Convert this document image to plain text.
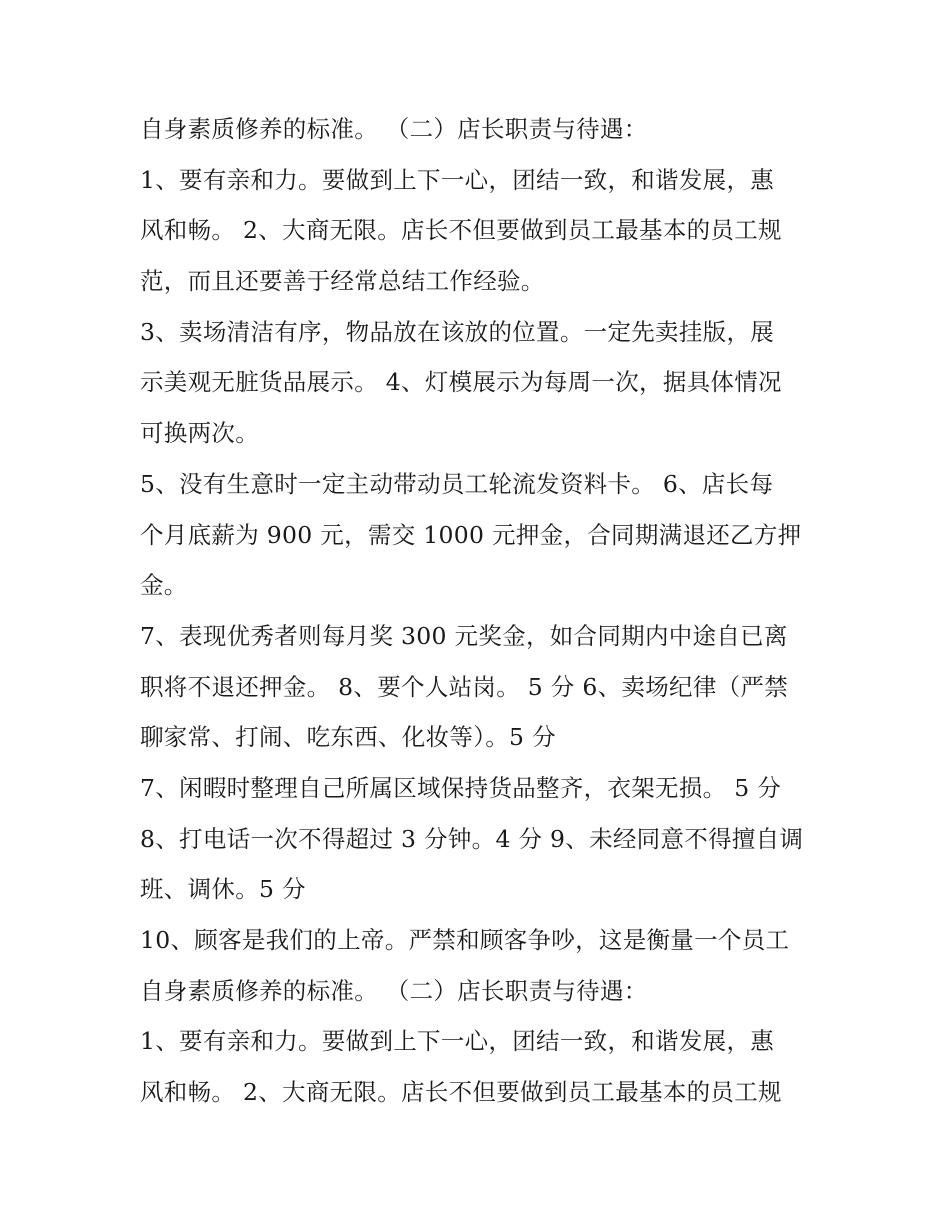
自身素质修养的标准。 （二）店长职责与待遇：
1、要有亲和力。要做到上下一心，团结一致，和谐发展，惠
风和畅。 2、大商无限。店长不但要做到员工最基本的员工规
范，而且还要善于经常总结工作经验。
3、卖场清洁有序，物品放在该放的位置。一定先卖挂版，展
示美观无脏货品展示。 4、灯模展示为每周一次，据具体情况
可换两次。
5、没有生意时一定主动带动员工轮流发资料卡。 6、店长每
个月底薪为 900 元，需交 1000 元押金，合同期满退还乙方押
金。
7、表现优秀者则每月奖 300 元奖金，如合同期内中途自已离
职将不退还押金。 8、要个人站岗。 5 分 6、卖场纪律（严禁
聊家常、打闹、吃东西、化妆等）。5 分
7、闲暇时整理自己所属区域保持货品整齐，衣架无损。 5 分
8、打电话一次不得超过 3 分钟。4 分 9、未经同意不得擅自调
班、调休。5 分
10、顾客是我们的上帝。严禁和顾客争吵，这是衡量一个员工
自身素质修养的标准。 （二）店长职责与待遇：
1、要有亲和力。要做到上下一心，团结一致，和谐发展，惠
风和畅。 2、大商无限。店长不但要做到员工最基本的员工规
